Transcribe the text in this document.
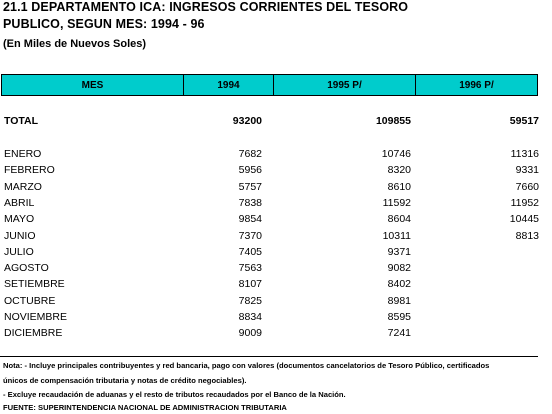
21.1 DEPARTAMENTO ICA: INGRESOS CORRIENTES DEL TESORO
PUBLICO, SEGUN MES: 1994 - 96
(En Miles de Nuevos Soles)
MES	1994	1995 P/	1996 P/
TOTAL	93200	109855	59517
ENERO	7682	10746	11316
FEBRERO	5956	8320	9331
MARZO	5757	8610	7660
ABRIL	7838	11592	11952
MAYO	9854	8604	10445
JUNIO	7370	10311	8813
JULIO	7405	9371
AGOSTO	7563	9082
SETIEMBRE	8107	8402
OCTUBRE	7825	8981
NOVIEMBRE	8834	8595
DICIEMBRE	9009	7241
Nota: - Incluye principales contribuyentes y red bancaria, pago con valores (documentos cancelatorios de Tesoro Público, certificados
únicos de compensación tributaria y notas de crédito negociables).
- Excluye recaudación de aduanas y el resto de tributos recaudados por el Banco de la Nación.
FUENTE: SUPERINTENDENCIA NACIONAL DE ADMINISTRACION TRIBUTARIA
